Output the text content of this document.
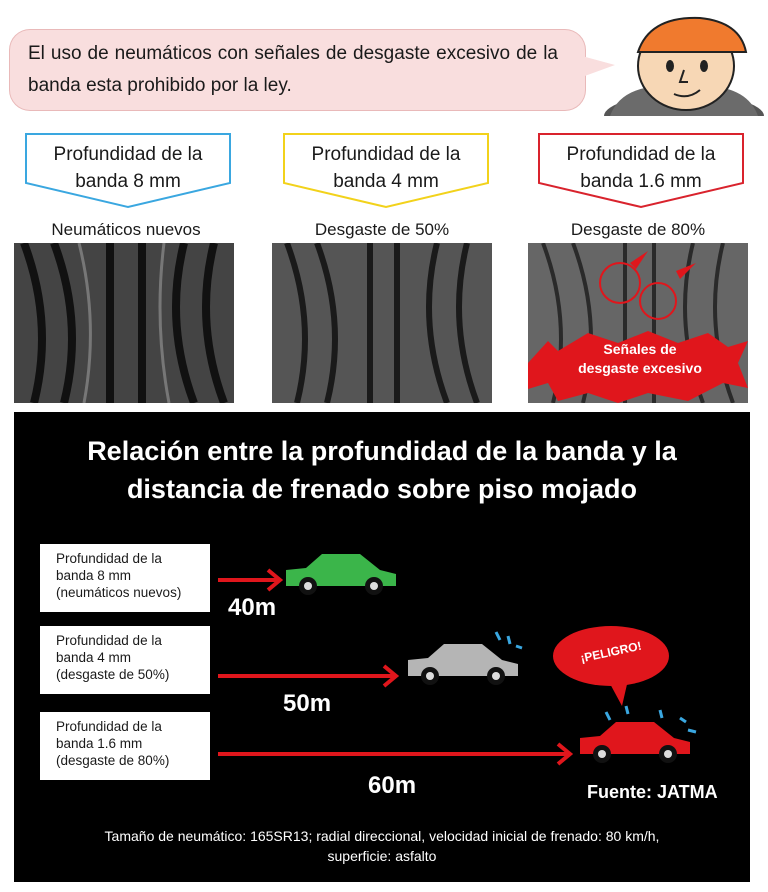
El uso de neumáticos con señales de desgaste excesivo de la banda esta prohibido por la ley.
Profundidad de la banda 8 mm
Profundidad de la banda 4 mm
Profundidad de la banda 1.6 mm
Neumáticos nuevos	Desgaste de 50%	Desgaste de 80%
Señales de
desgaste excesivo
Relación entre la profundidad de la banda y la
distancia de frenado sobre piso mojado
Profundidad de la
banda 8 mm
(neumáticos nuevos)
40m
Profundidad de la
banda 4 mm
(desgaste de 50%)
50m
Profundidad de la
banda 1.6 mm
(desgaste de 80%)
60m
¡PELIGRO!
Fuente: JATMA
Tamaño de neumático: 165SR13; radial direccional, velocidad inicial de frenado: 80 km/h,
superficie: asfalto
